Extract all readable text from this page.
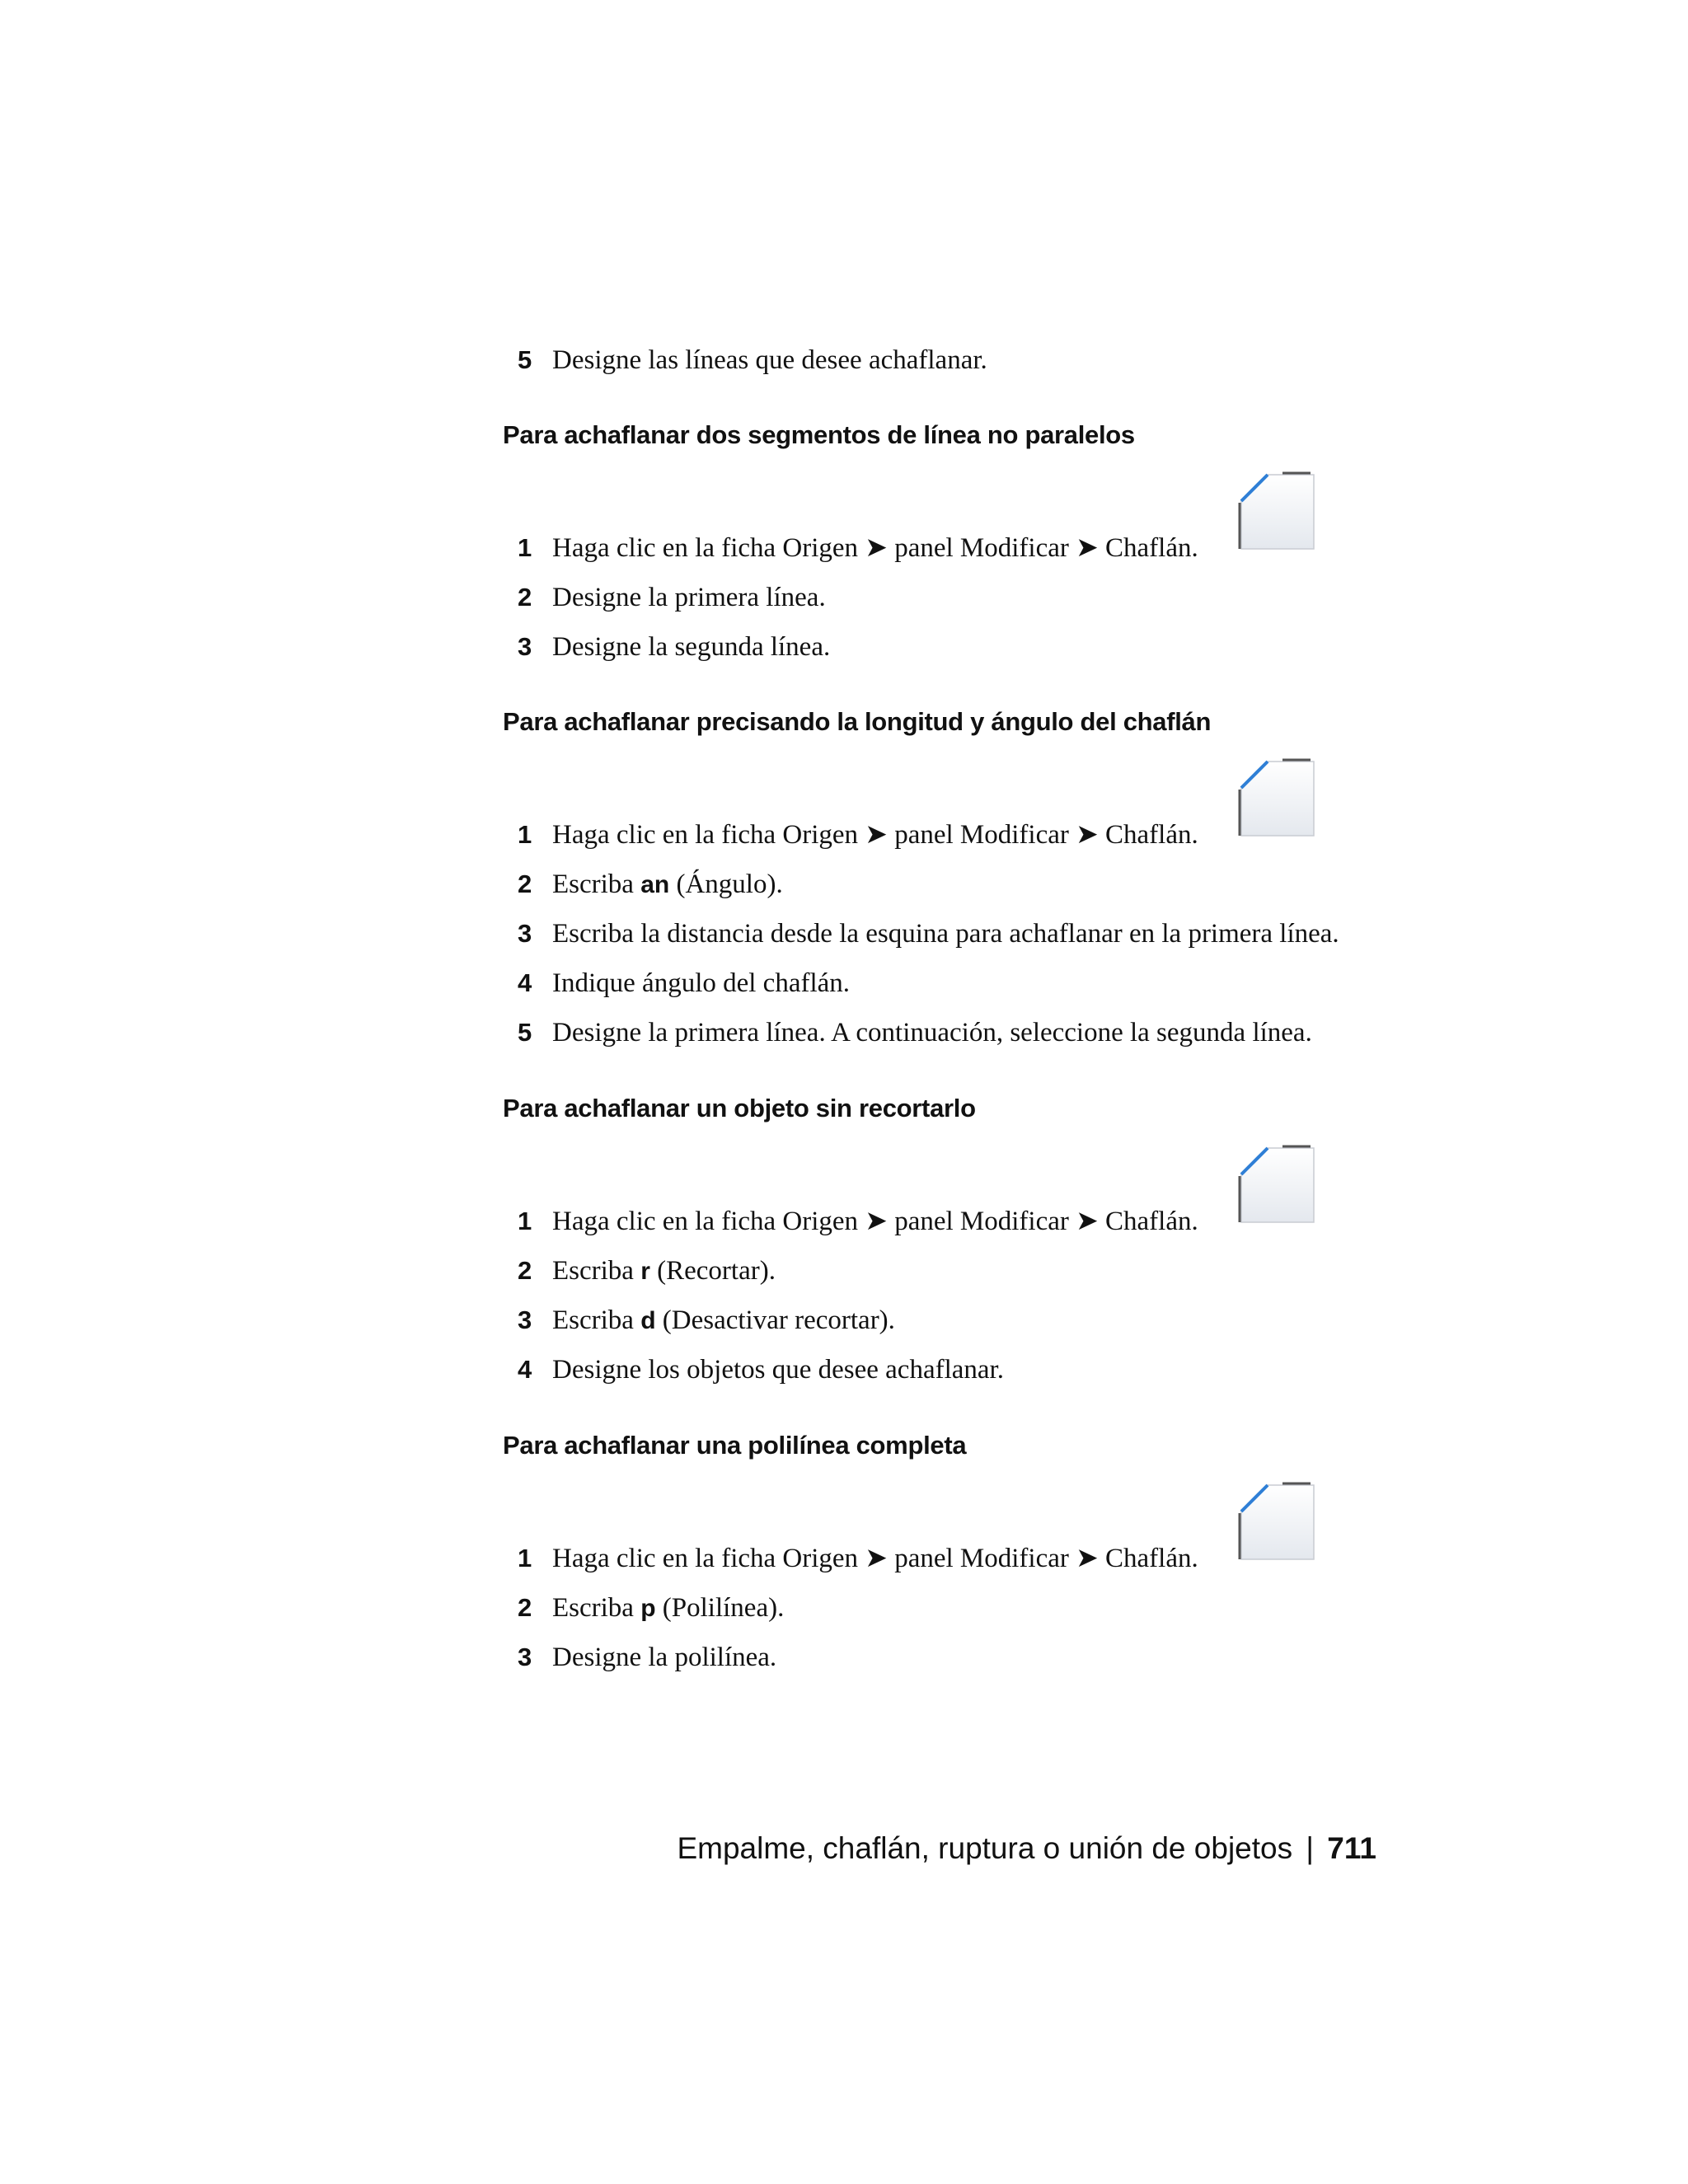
5 Designe las líneas que desee achaflanar.
Para achaflanar dos segmentos de línea no paralelos
1 Haga clic en la ficha Origen ➤ panel Modificar ➤ Chaflán.
2 Designe la primera línea.
3 Designe la segunda línea.
Para achaflanar precisando la longitud y ángulo del chaflán
1 Haga clic en la ficha Origen ➤ panel Modificar ➤ Chaflán.
2 Escriba an (Ángulo).
3 Escriba la distancia desde la esquina para achaflanar en la primera línea.
4 Indique ángulo del chaflán.
5 Designe la primera línea. A continuación, seleccione la segunda línea.
Para achaflanar un objeto sin recortarlo
1 Haga clic en la ficha Origen ➤ panel Modificar ➤ Chaflán.
2 Escriba r (Recortar).
3 Escriba d (Desactivar recortar).
4 Designe los objetos que desee achaflanar.
Para achaflanar una polilínea completa
1 Haga clic en la ficha Origen ➤ panel Modificar ➤ Chaflán.
2 Escriba p (Polilínea).
3 Designe la polilínea.
Empalme, chaflán, ruptura o unión de objetos | 711
